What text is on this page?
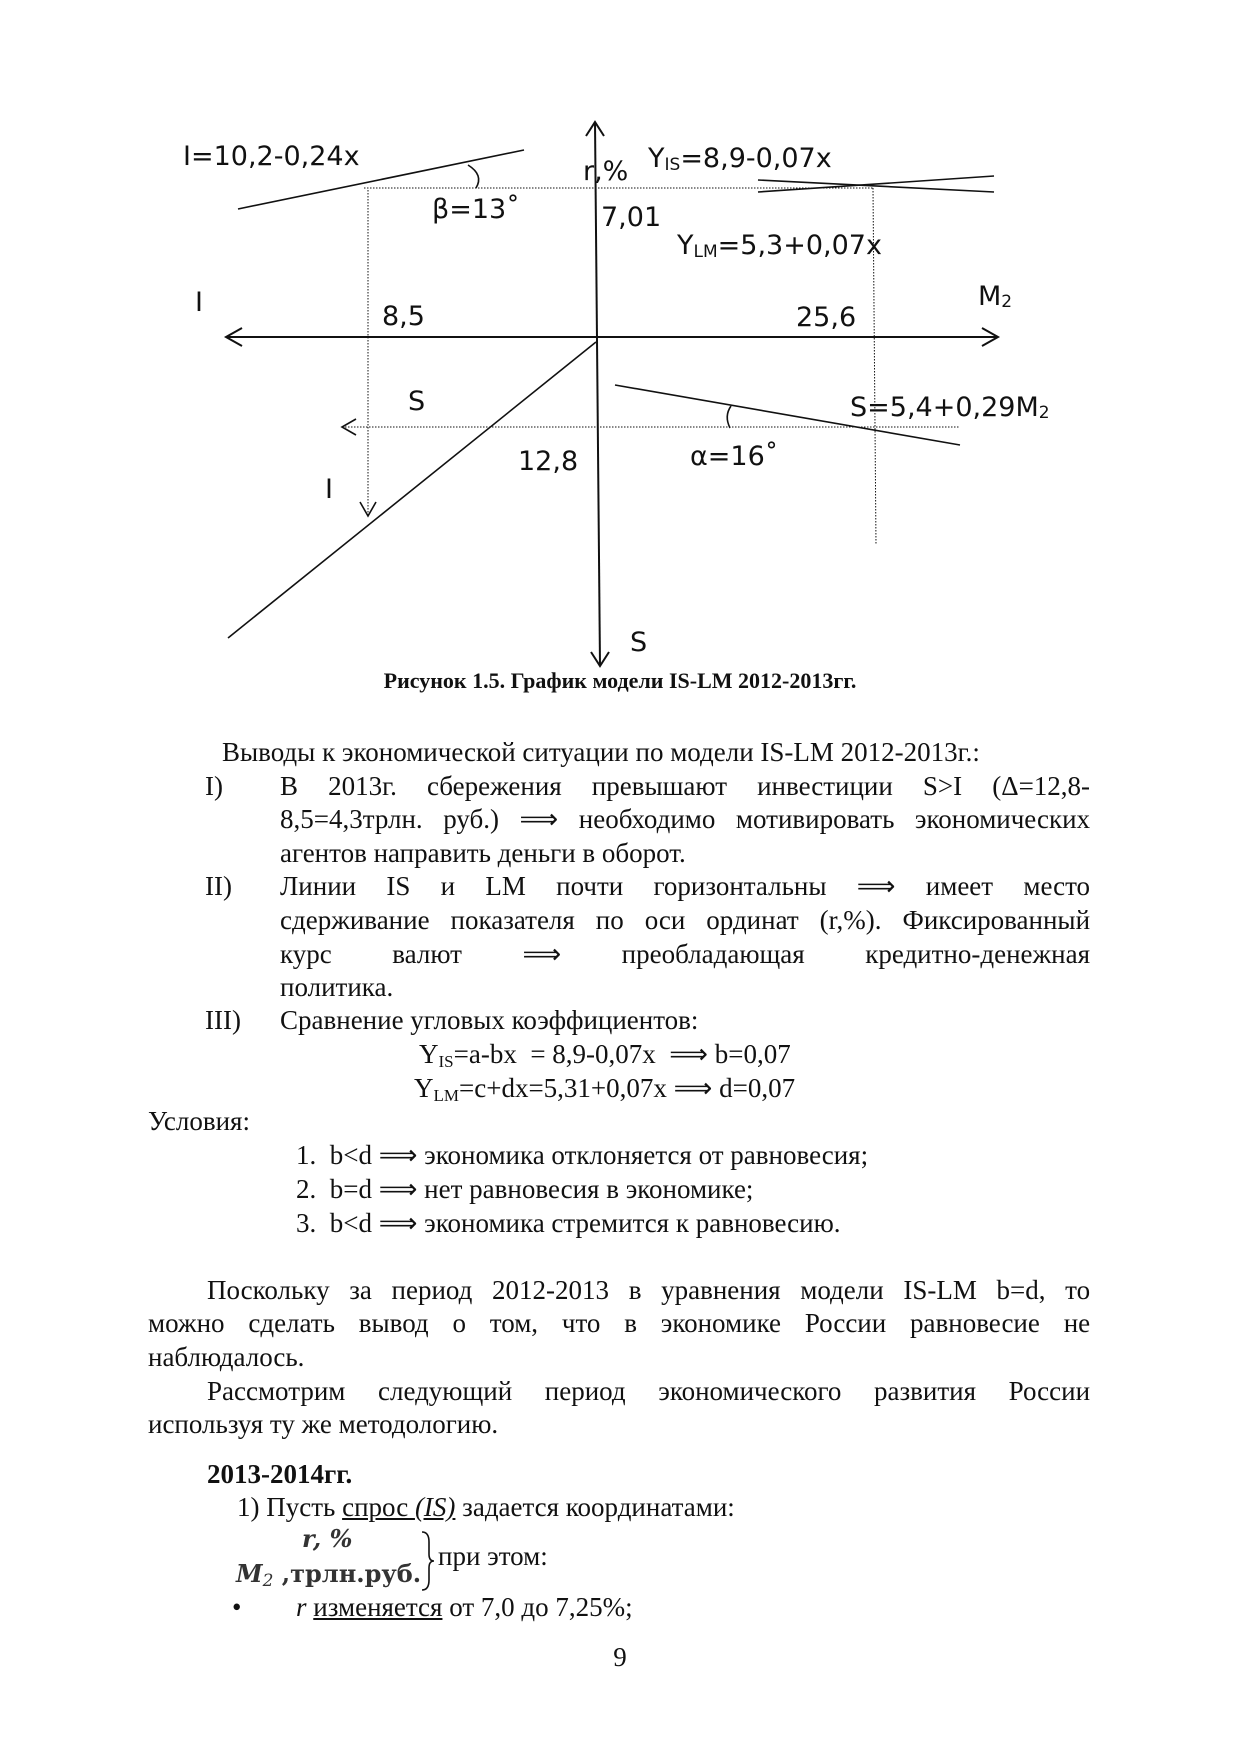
I=10,2-0,24x
β=13˚
r,% YIS=8,9-0,07x
7,01
YLM=5,3+0,07x
I	M2
8,5	25,6
S	S=5,4+0,29M2
12,8	α=16˚
I
S
Рисунок 1.5. График модели IS-LM 2012-2013гг.
Выводы к экономической ситуации по модели IS-LM 2012-2013г.:
I) В 2013г. сбережения превышают инвестиции S>I (Δ=12,8-
8,5=4,3трлн. руб.) ⟹ необходимо мотивировать экономических
агентов направить деньги в оборот.
II) Линии IS и LM почти горизонтальны ⟹ имеет место
сдерживание показателя по оси ординат (r,%). Фиксированный
курс валют ⟹ преобладающая кредитно-денежная
политика.
III) Сравнение угловых коэффициентов:
$Y_{IS}=a-bx = 8,9-0,07x$  ⟹ b=0,07
$Y_{LM}=c+dx=5,31+0,07x$ ⟹ d=0,07
Условия:
1.  b<d ⟹ экономика отклоняется от равновесия;
2.  b=d ⟹ нет равновесия в экономике;
3.  b<d ⟹ экономика стремится к равновесию.
Поскольку за период 2012-2013 в уравнения модели IS-LM b=d, то
можно сделать вывод о том, что в экономике России равновесие не
наблюдалось.
Рассмотрим следующий период экономического развития России
используя ту же методологию.
2013-2014гг.
1) Пусть спрос (IS) задается координатами:
r, %
$M_2$ ,трлн.руб.
при этом:
• r изменяется от 7,0 до 7,25%;
9
